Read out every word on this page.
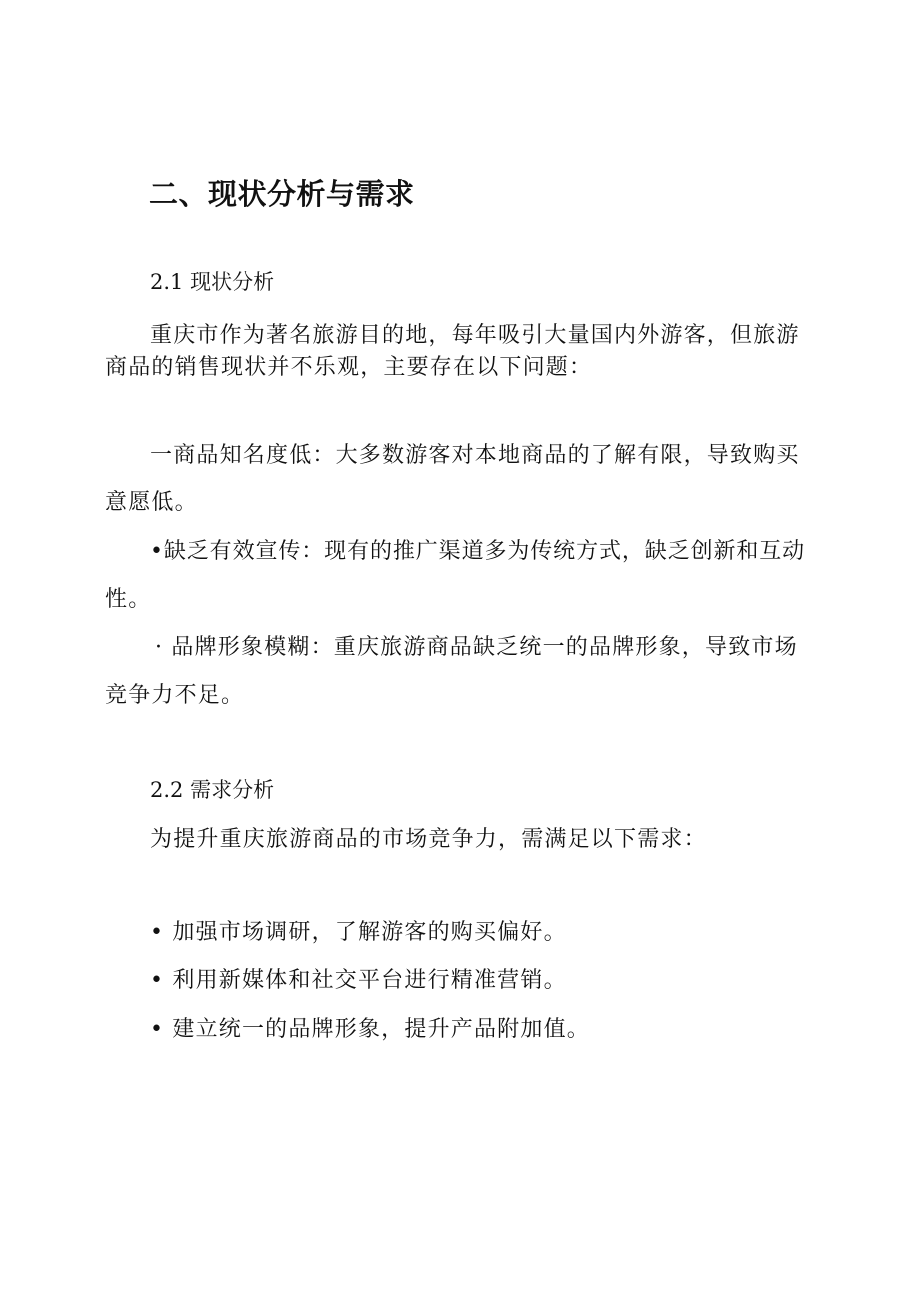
二、现状分析与需求
2.1 现状分析

重庆市作为著名旅游目的地，每年吸引大量国内外游客，但旅游

商品的销售现状并不乐观，主要存在以下问题：

一商品知名度低：大多数游客对本地商品的了解有限，导致购买

意愿低。

•缺乏有效宣传：现有的推广渠道多为传统方式，缺乏创新和互动

性。

· 品牌形象模糊：重庆旅游商品缺乏统一的品牌形象，导致市场

竞争力不足。

2.2 需求分析

为提升重庆旅游商品的市场竞争力，需满足以下需求：

• 加强市场调研，了解游客的购买偏好。

• 利用新媒体和社交平台进行精准营销。

• 建立统一的品牌形象，提升产品附加值。
